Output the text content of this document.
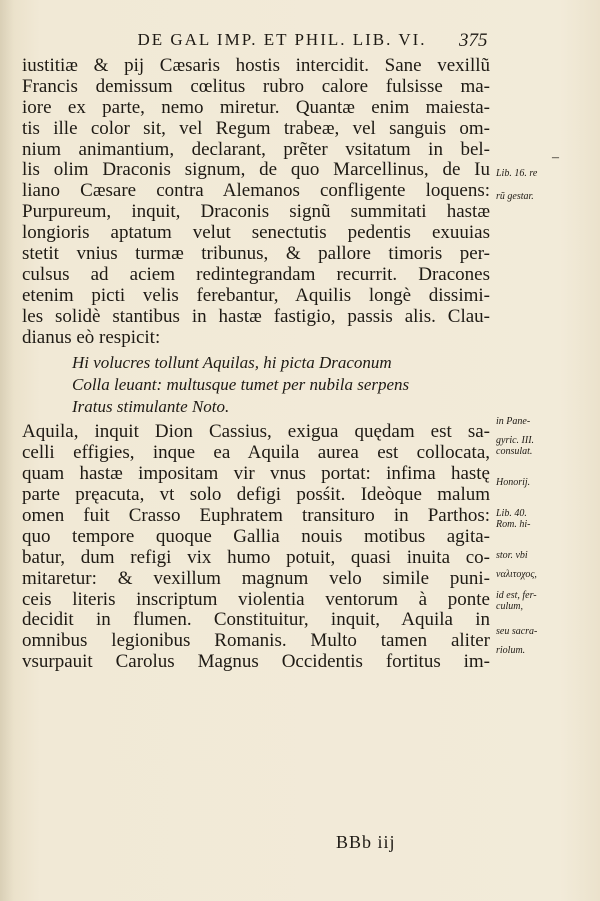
DE GAL IMP. ET PHIL. LIB. VI.	375
iustitiæ & pij Cæsaris hostis intercidit. Sane vexillũ
Francis demissum cœlitus rubro calore fulsisse ma-
iore ex parte, nemo miretur. Quantæ enim maiesta-
tis ille color sit, vel Regum trabeæ, vel sanguis om-
nium animantium, declarant, prẽter vsitatum in bel-
lis olim Draconis signum, de quo Marcellinus, de Iu
liano Cæsare contra Alemanos confligente loquens:
Purpureum, inquit, Draconis signũ summitati hastæ
longioris aptatum velut senectutis pedentis exuuias
stetit vnius turmæ tribunus, & pallore timoris per-
culsus ad aciem redintegrandam recurrit. Dracones
etenim picti velis ferebantur, Aquilis longè dissimi-
les solidè stantibus in hastæ fastigio, passis alis. Clau-
dianus eò respicit:
Hi volucres tollunt Aquilas, hi picta Draconum
Colla leuant: multusque tumet per nubila serpens
Iratus stimulante Noto.
Aquila, inquit Dion Cassius, exigua quędam est sa-
celli effigies, inque ea Aquila aurea est collocata,
quam hastæ impositam vir vnus portat: infima hastę
parte pręacuta, vt solo defigi posśit. Ideòque malum
omen fuit Crasso Euphratem transituro in Parthos:
quo tempore quoque Gallia nouis motibus agita-
batur, dum refigi vix humo potuit, quasi inuita co-
mitaretur: & vexillum magnum velo simile puni-
ceis literis inscriptum violentia ventorum à ponte
decidit in flumen. Constituitur, inquit, Aquila in
omnibus legionibus Romanis. Multo tamen aliter
vsurpauit Carolus Magnus Occidentis fortitus im-
–
Lib. 16. re
rũ gestar.
in Pane-
gyric. III.
consulat.
Honorij.
Lib. 40.
Rom. hi-
stor. vbi
ναλιτοχος,
id est, fer-
culum,
seu sacra-
riolum.
BBb iij
